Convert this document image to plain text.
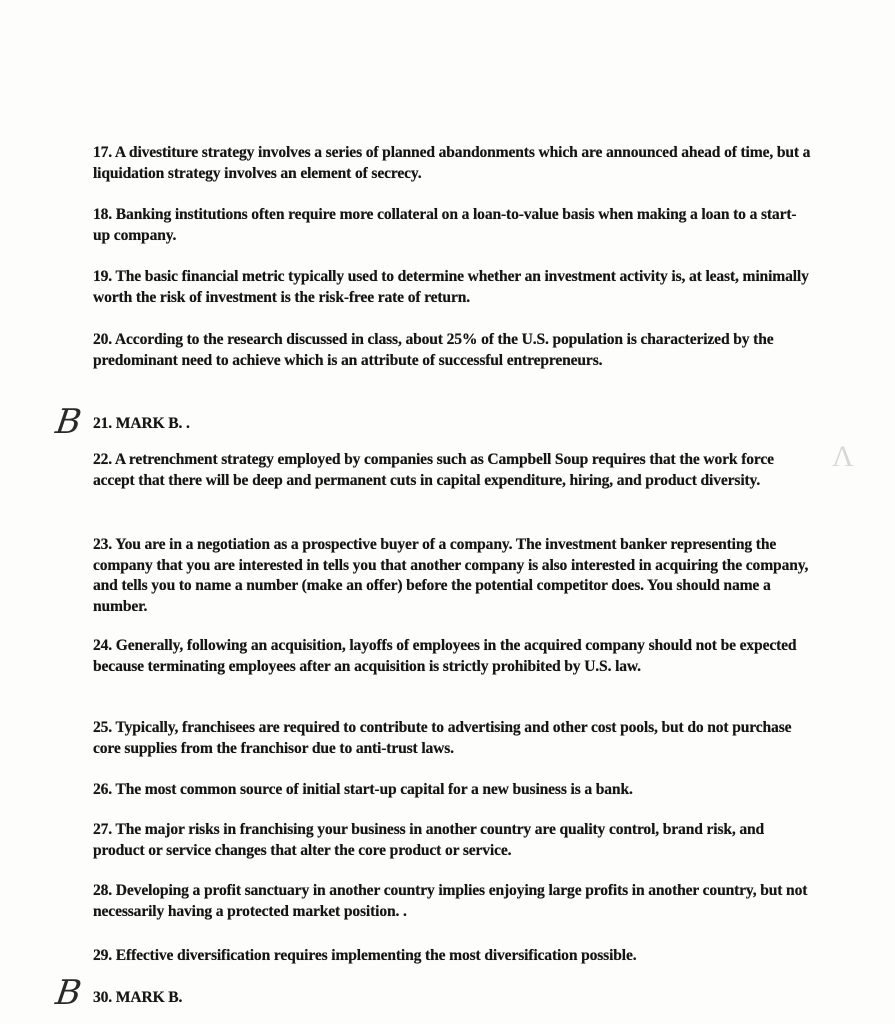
Λ
17. A divestiture strategy involves a series of planned abandonments which are announced ahead of time, but a liquidation strategy involves an element of secrecy.
18. Banking institutions often require more collateral on a loan-to-value basis when making a loan to a start-up company.
19. The basic financial metric typically used to determine whether an investment activity is, at least, minimally worth the risk of investment is the risk-free rate of return.
20. According to the research discussed in class, about 25% of the U.S. population is characterized by the predominant need to achieve which is an attribute of successful entrepreneurs.
21. MARK B. .
B
22. A retrenchment strategy employed by companies such as Campbell Soup requires that the work force accept that there will be deep and permanent cuts in capital expenditure, hiring, and product diversity.
23. You are in a negotiation as a prospective buyer of a company. The investment banker representing the company that you are interested in tells you that another company is also interested in acquiring the company, and tells you to name a number (make an offer) before the potential competitor does. You should name a number.
24. Generally, following an acquisition, layoffs of employees in the acquired company should not be expected because terminating employees after an acquisition is strictly prohibited by U.S. law.
25. Typically, franchisees are required to contribute to advertising and other cost pools, but do not purchase core supplies from the franchisor due to anti-trust laws.
26. The most common source of initial start-up capital for a new business is a bank.
27. The major risks in franchising your business in another country are quality control, brand risk, and product or service changes that alter the core product or service.
28. Developing a profit sanctuary in another country implies enjoying large profits in another country, but not necessarily having a protected market position. .
29. Effective diversification requires implementing the most diversification possible.
30. MARK B.
B
